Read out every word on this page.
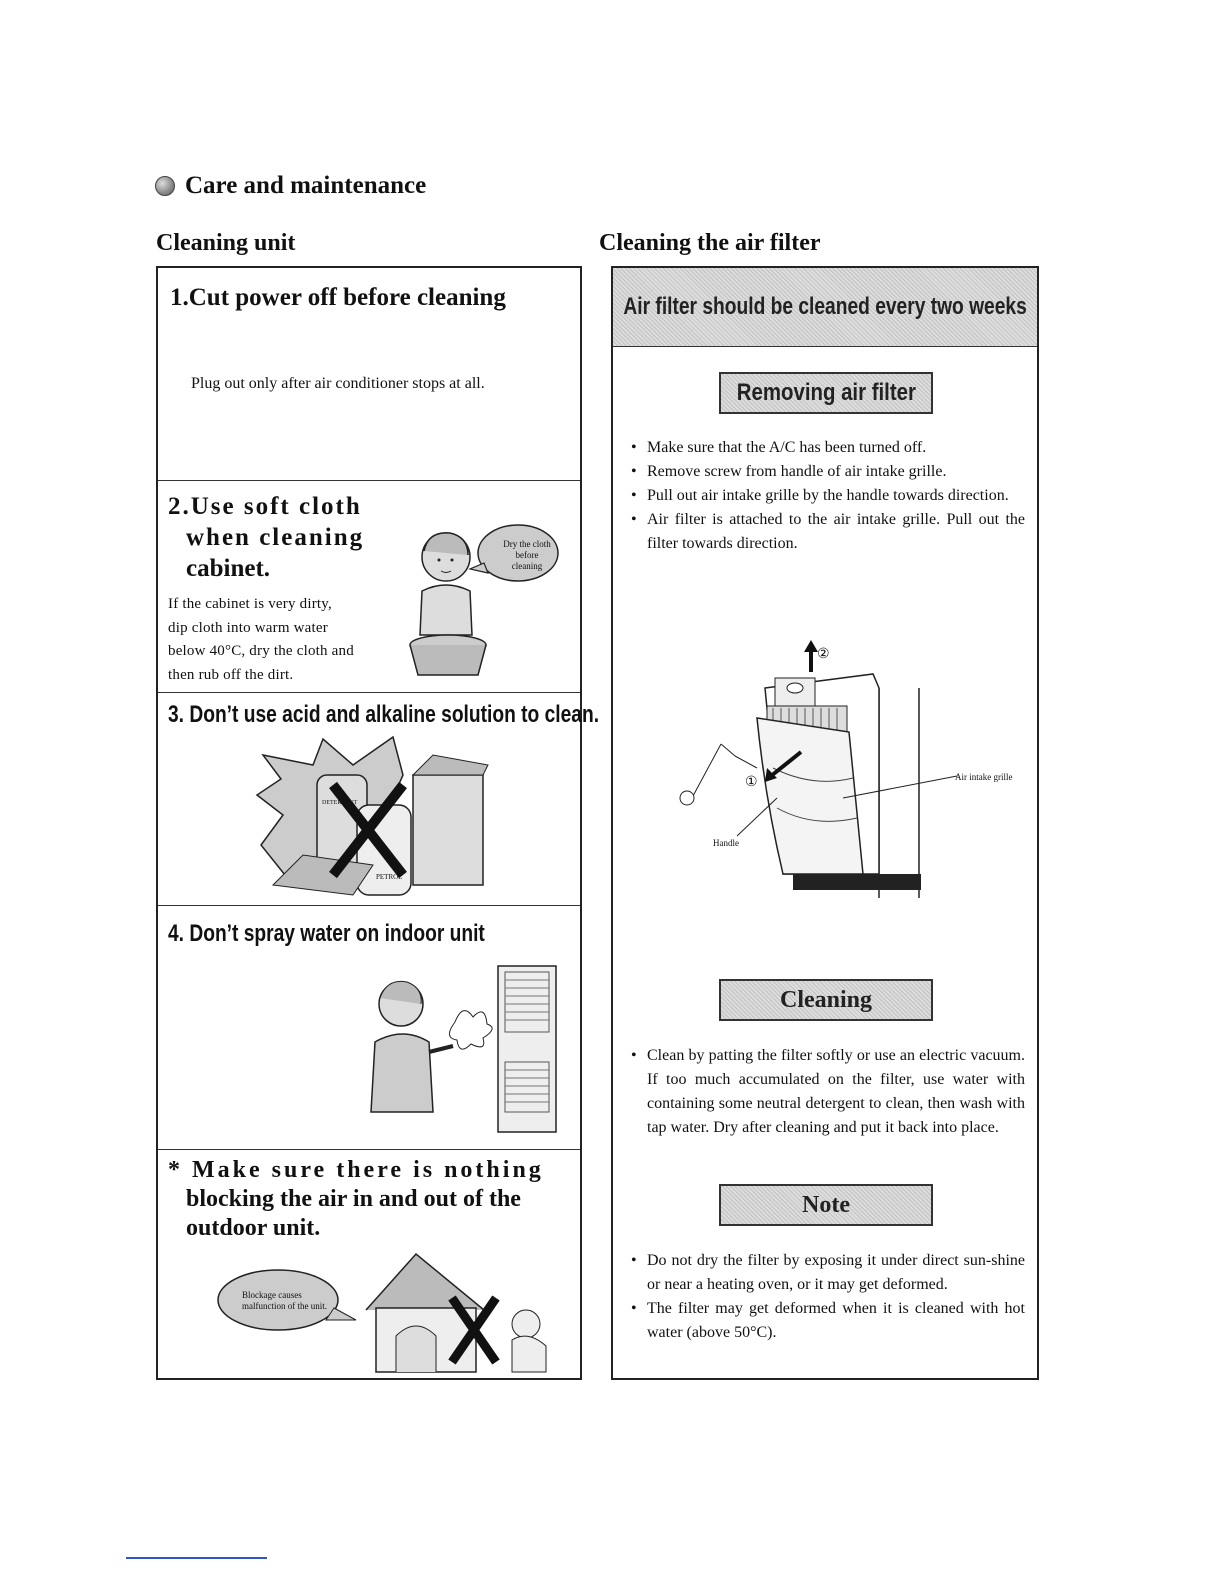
Care and maintenance
Cleaning unit	Cleaning the air filter
1.Cut power off before cleaning
Plug out only after air conditioner stops at all.
2.Use soft cloth
when cleaning
cabinet.
If the cabinet is very dirty,
dip cloth into warm water
below 40°C, dry the cloth and
then rub off the dirt.
Dry the cloth
before
cleaning
3. Don’t use acid and alkaline solution to clean.
DETERGENT
PETROL
4. Don’t spray water on indoor unit
* Make sure there is nothing
blocking the air in and out of the
outdoor unit.
Blockage causes
malfunction of the unit.
Air filter should be cleaned every two weeks
Removing air filter
• Make sure that the A/C has been turned off.
• Remove screw from handle of air intake grille.
• Pull out air intake grille by the handle towards direction.
• Air filter is attached to the air intake grille. Pull out the filter towards direction.
②
①	Air intake grille
Handle
Cleaning
• Clean by patting the filter softly or use an electric vacuum. If too much accumulated on the filter, use water with containing some neutral detergent to clean, then wash with tap water. Dry after cleaning and put it back into place.
Note
• Do not dry the filter by exposing it under direct sun-shine or near a heating oven, or it may get deformed.
• The filter may get deformed when it is cleaned with hot water (above 50°C).
